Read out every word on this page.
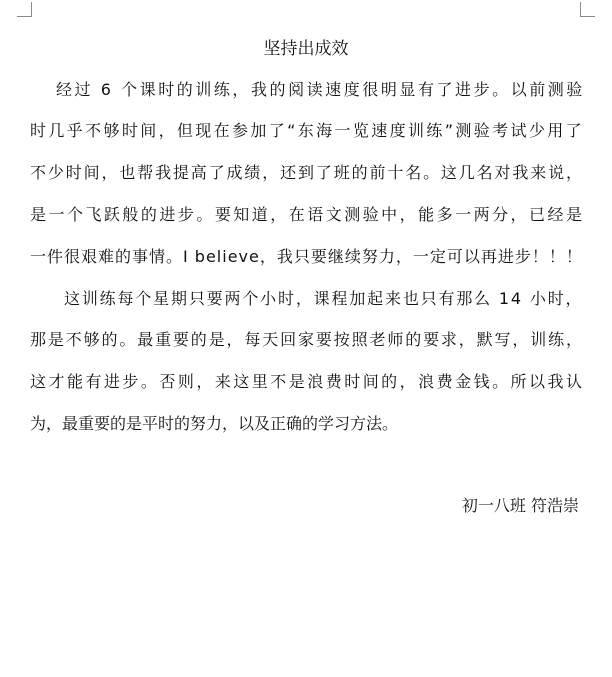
坚持出成效
经过 6 个课时的训练，我的阅读速度很明显有了进步。以前测验
时几乎不够时间，但现在参加了“东海一览速度训练”测验考试少用了
不少时间，也帮我提高了成绩，还到了班的前十名。这几名对我来说，
是一个飞跃般的进步。要知道，在语文测验中，能多一两分，已经是
一件很艰难的事情。I believe，我只要继续努力，一定可以再进步！！！
这训练每个星期只要两个小时，课程加起来也只有那么 14 小时，
那是不够的。最重要的是，每天回家要按照老师的要求，默写，训练，
这才能有进步。否则，来这里不是浪费时间的，浪费金钱。所以我认
为，最重要的是平时的努力，以及正确的学习方法。
初一八班 符浩崇
